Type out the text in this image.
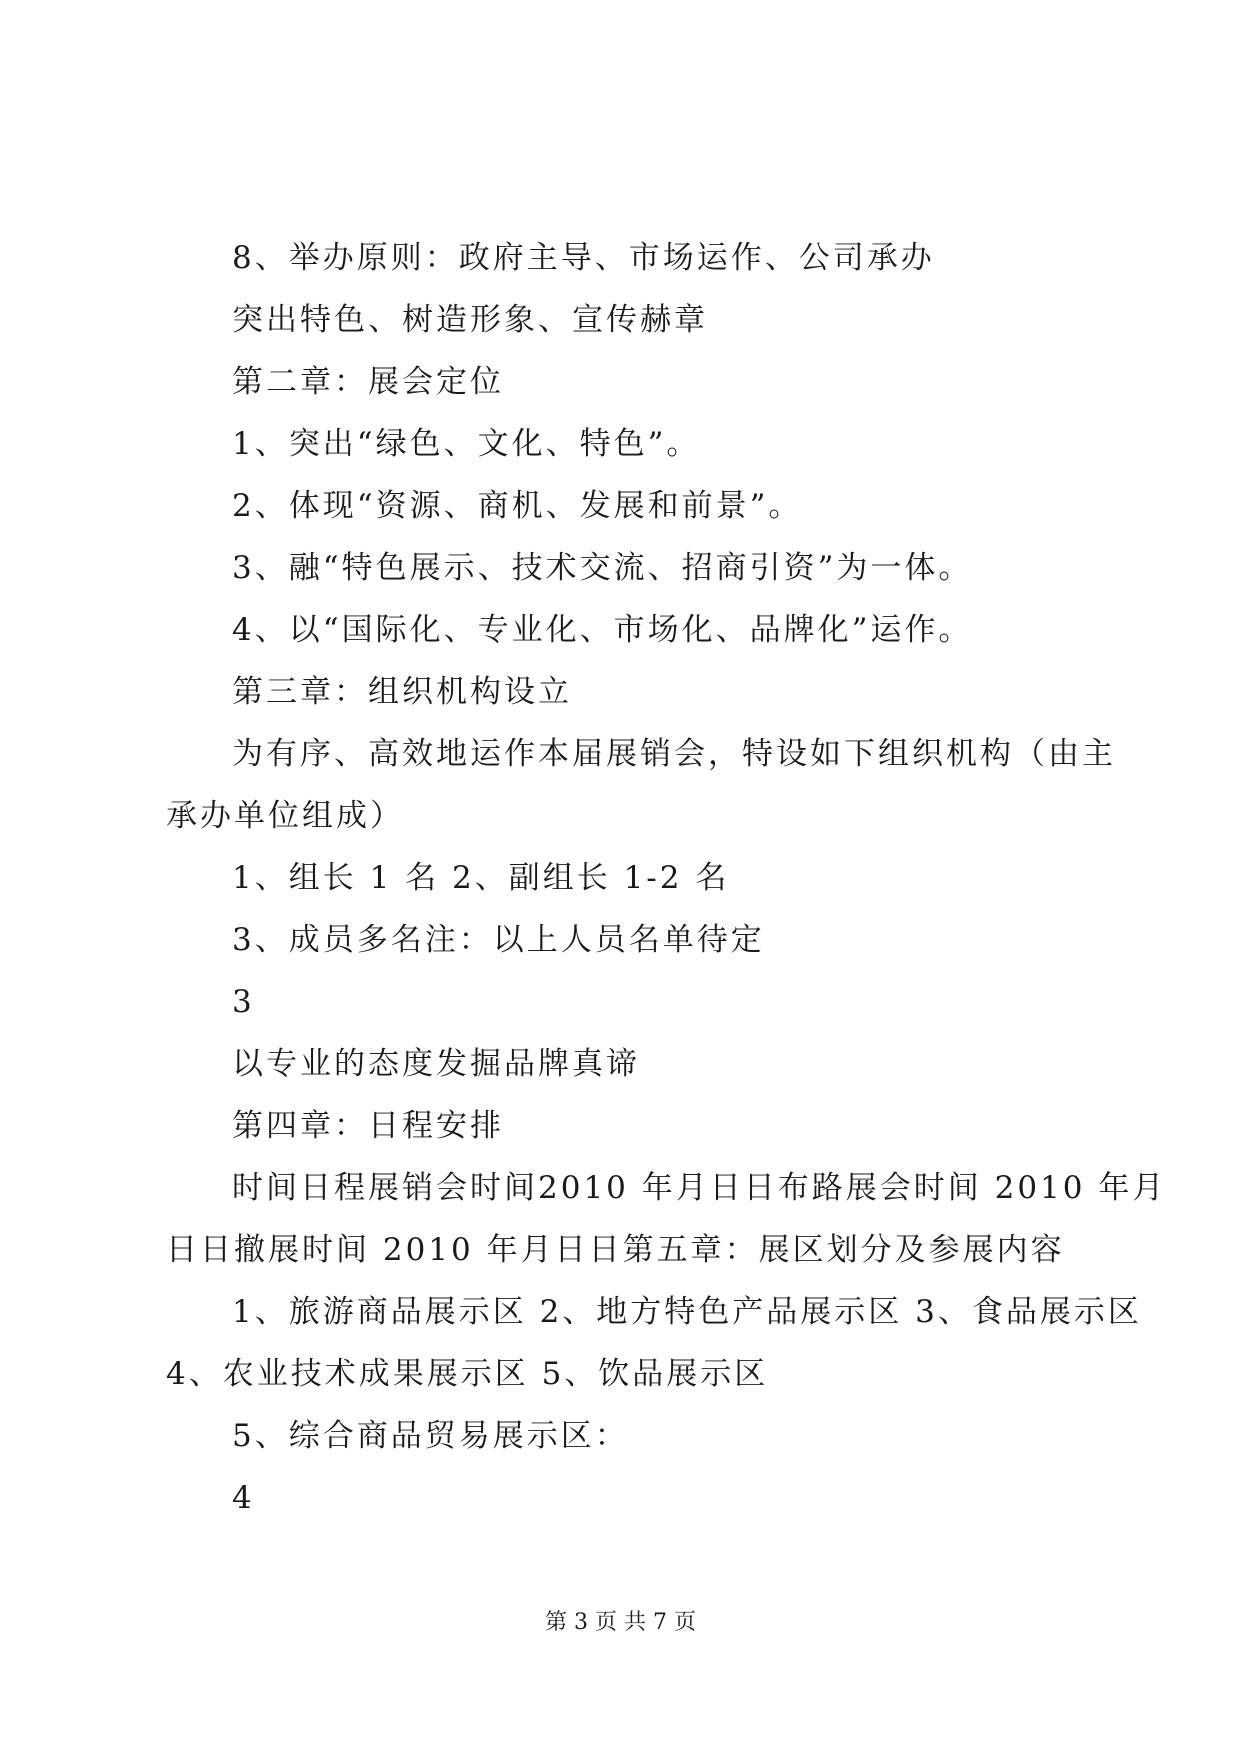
8、举办原则：政府主导、市场运作、公司承办
突出特色、树造形象、宣传赫章
第二章：展会定位
1、突出“绿色、文化、特色”。
2、体现“资源、商机、发展和前景”。
3、融“特色展示、技术交流、招商引资”为一体。
4、以“国际化、专业化、市场化、品牌化”运作。
第三章：组织机构设立
为有序、高效地运作本届展销会，特设如下组织机构（由主
承办单位组成）
1、组长 1 名 2、副组长 1-2 名
3、成员多名注：以上人员名单待定
3
以专业的态度发掘品牌真谛
第四章：日程安排
时间日程展销会时间2010 年月日日布路展会时间 2010 年月
日日撤展时间 2010 年月日日第五章：展区划分及参展内容
1、旅游商品展示区 2、地方特色产品展示区 3、食品展示区
4、农业技术成果展示区 5、饮品展示区
5、综合商品贸易展示区：
4
第 3 页 共 7 页
